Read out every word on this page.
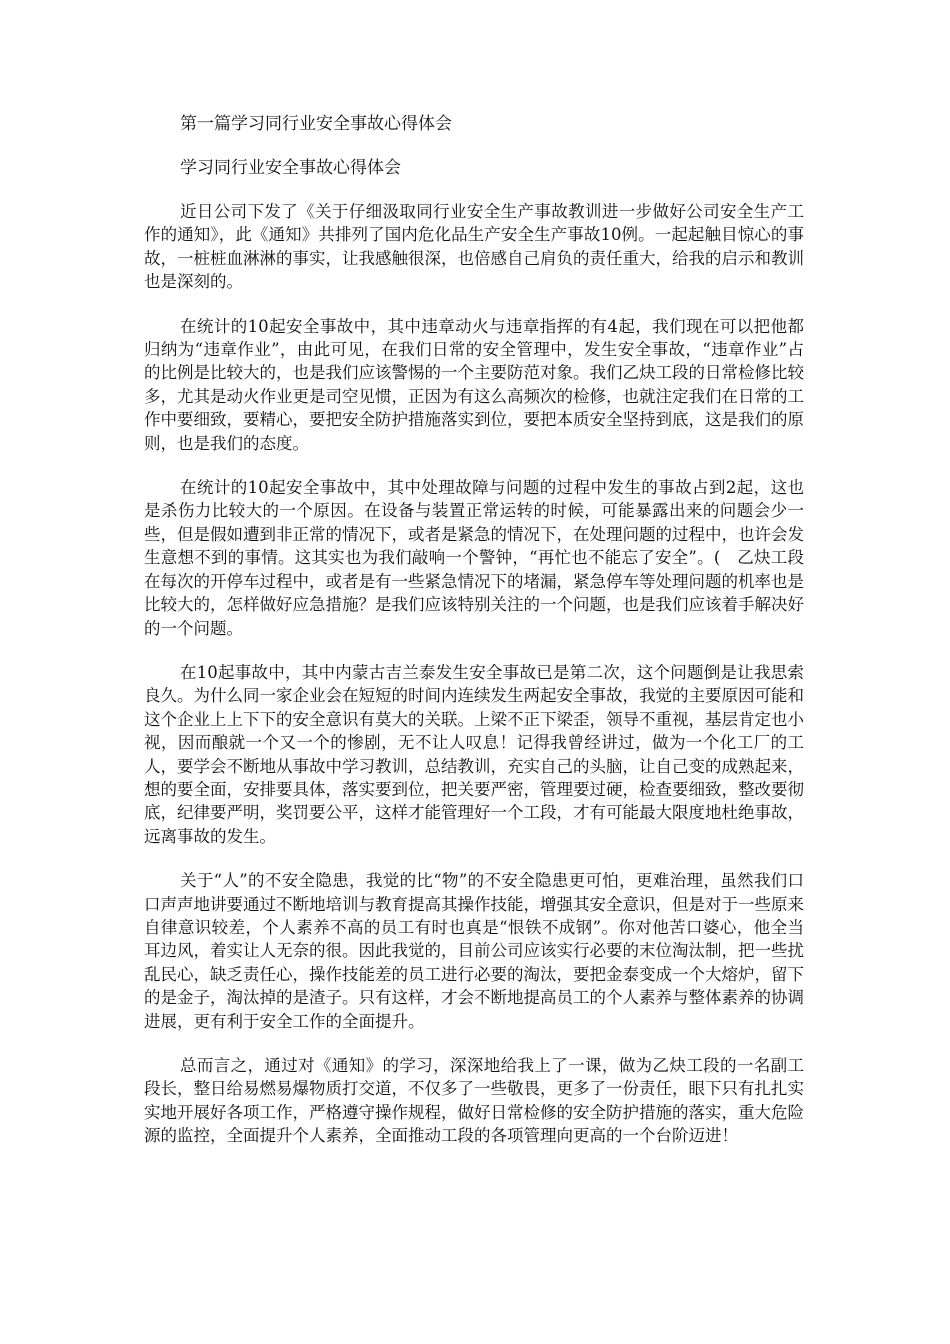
第一篇学习同行业安全事故心得体会
学习同行业安全事故心得体会

近日公司下发了《关于仔细汲取同行业安全生产事故教训进一步做好公司安全生产工作的通知》，此《通知》共排列了国内危化品生产安全生产事故10例。一起起触目惊心的事故，一桩桩血淋淋的事实，让我感触很深，也倍感自己肩负的责任重大，给我的启示和教训也是深刻的。

在统计的10起安全事故中，其中违章动火与违章指挥的有4起，我们现在可以把他都归纳为“违章作业”，由此可见，在我们日常的安全管理中，发生安全事故，“违章作业”占的比例是比较大的，也是我们应该警惕的一个主要防范对象。我们乙炔工段的日常检修比较多，尤其是动火作业更是司空见惯，正因为有这么高频次的检修，也就注定我们在日常的工作中要细致，要精心，要把安全防护措施落实到位，要把本质安全坚持到底，这是我们的原则，也是我们的态度。

在统计的10起安全事故中，其中处理故障与问题的过程中发生的事故占到2起，这也是杀伤力比较大的一个原因。在设备与装置正常运转的时候，可能暴露出来的问题会少一些，但是假如遭到非正常的情况下，或者是紧急的情况下，在处理问题的过程中，也许会发生意想不到的事情。这其实也为我们敲响一个警钟，“再忙也不能忘了安全”。(　乙炔工段在每次的开停车过程中，或者是有一些紧急情况下的堵漏，紧急停车等处理问题的机率也是比较大的，怎样做好应急措施？是我们应该特别关注的一个问题，也是我们应该着手解决好的一个问题。

在10起事故中，其中内蒙古吉兰泰发生安全事故已是第二次，这个问题倒是让我思索良久。为什么同一家企业会在短短的时间内连续发生两起安全事故，我觉的主要原因可能和这个企业上上下下的安全意识有莫大的关联。上梁不正下梁歪，领导不重视，基层肯定也小视，因而酿就一个又一个的惨剧，无不让人叹息！记得我曾经讲过，做为一个化工厂的工人，要学会不断地从事故中学习教训，总结教训，充实自己的头脑，让自己变的成熟起来，想的要全面，安排要具体，落实要到位，把关要严密，管理要过硬，检查要细致，整改要彻底，纪律要严明，奖罚要公平，这样才能管理好一个工段，才有可能最大限度地杜绝事故，远离事故的发生。

关于“人”的不安全隐患，我觉的比“物”的不安全隐患更可怕，更难治理，虽然我们口口声声地讲要通过不断地培训与教育提高其操作技能，增强其安全意识，但是对于一些原来自律意识较差，个人素养不高的员工有时也真是“恨铁不成钢”。你对他苦口婆心，他全当耳边风，着实让人无奈的很。因此我觉的，目前公司应该实行必要的末位淘汰制，把一些扰乱民心，缺乏责任心，操作技能差的员工进行必要的淘汰，要把金泰变成一个大熔炉，留下的是金子，淘汰掉的是渣子。只有这样，才会不断地提高员工的个人素养与整体素养的协调进展，更有利于安全工作的全面提升。

总而言之，通过对《通知》的学习，深深地给我上了一课，做为乙炔工段的一名副工段长，整日给易燃易爆物质打交道，不仅多了一些敬畏，更多了一份责任，眼下只有扎扎实实地开展好各项工作，严格遵守操作规程，做好日常检修的安全防护措施的落实，重大危险源的监控，全面提升个人素养，全面推动工段的各项管理向更高的一个台阶迈进！
